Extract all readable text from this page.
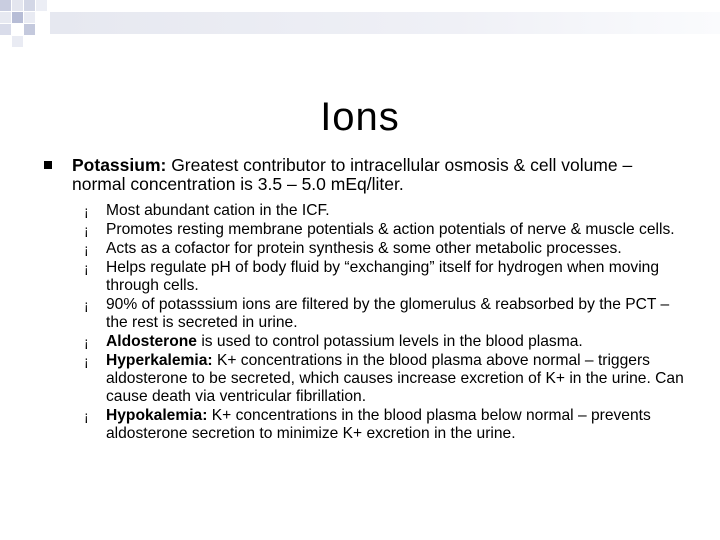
Ions
Potassium: Greatest contributor to intracellular osmosis & cell volume – normal concentration is 3.5 – 5.0 mEq/liter.
¡ Most abundant cation in the ICF.
¡ Promotes resting membrane potentials & action potentials of nerve & muscle cells.
¡ Acts as a cofactor for protein synthesis & some other metabolic processes.
¡ Helps regulate pH of body fluid by “exchanging” itself for hydrogen when moving through cells.
¡ 90% of potasssium ions are filtered by the glomerulus & reabsorbed by the PCT – the rest is secreted in urine.
¡ Aldosterone is used to control potassium levels in the blood plasma.
¡ Hyperkalemia: K+ concentrations in the blood plasma above normal – triggers aldosterone to be secreted, which causes increase excretion of K+ in the urine. Can cause death via ventricular fibrillation.
¡ Hypokalemia: K+ concentrations in the blood plasma below normal – prevents aldosterone secretion to minimize K+ excretion in the urine.
